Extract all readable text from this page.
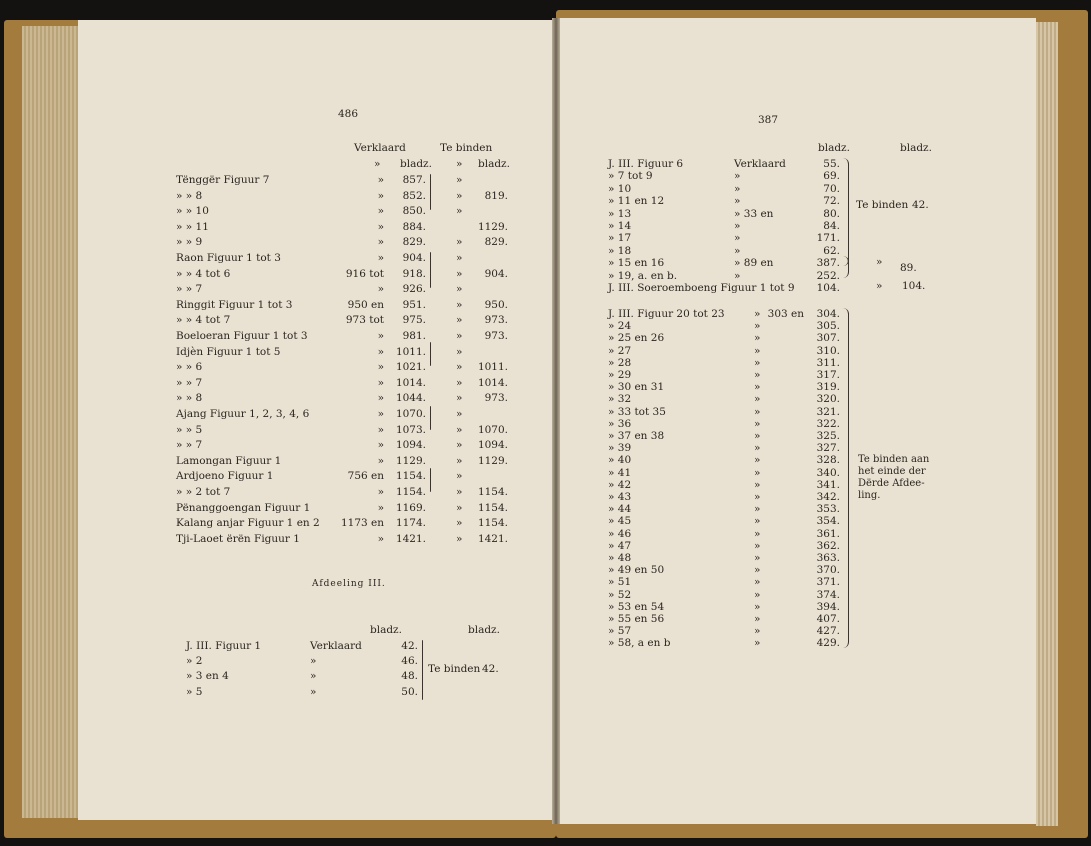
486
Verklaard	Te binden
» bladz. » bladz.
Tënggër Figuur 7	»	857.	»
» » 8	»	852.	»	819.
» » 10	»	850.	»
» » 11	»	884.	1129.
» » 9	»	829.	»	829.
Raon Figuur 1 tot 3	»	904.	»
» » 4 tot 6	916 tot	918.	»	904.
» » 7	»	926.	»
Ringgit Figuur 1 tot 3	950 en	951.	»	950.
» » 4 tot 7	973 tot	975.	»	973.
Boeloeran Figuur 1 tot 3	»	981.	»	973.
Idjèn Figuur 1 tot 5	»	1011.	»
» » 6	»	1021.	»	1011.
» » 7	»	1014.	»	1014.
» » 8	»	1044.	»	973.
Ajang Figuur 1, 2, 3, 4, 6	»	1070.	»
» » 5	»	1073.	»	1070.
» » 7	»	1094.	»	1094.
Lamongan Figuur 1	»	1129.	»	1129.
Ardjoeno Figuur 1	756 en	1154.	»
» » 2 tot 7	»	1154.	»	1154.
Pënanggoengan Figuur 1	»	1169.	»	1154.
Kalang anjar Figuur 1 en 2	1173 en	1174.	»	1154.
Tji-Laoet ërën Figuur 1	»	1421.	»	1421.
Afdeeling III.
bladz.	bladz.
J. III. Figuur 1	Verklaard	42.
» 2	»	46.
» 3 en 4	»	48.
» 5	»	50.
Te binden 42.
387
bladz.	bladz.
J. III. Figuur 6	Verklaard	55.
» 7 tot 9	»	69.
» 10	»	70.
» 11 en 12	»	72.
» 13	» 33 en	80.
» 14	»	84.
» 17	»	171.
» 18	»	62.
» 15 en 16	» 89 en	387.
» 19, a. en b.	»	252.
J. III. Soeroemboeng Figuur 1 tot 9	104.
Te binden 42.
» 89.
» 104.
J. III. Figuur 20 tot 23	» 303 en	304.
» 24	»	305.
» 25 en 26	»	307.
» 27	»	310.
» 28	»	311.
» 29	»	317.
» 30 en 31	»	319.
» 32	»	320.
» 33 tot 35	»	321.
» 36	»	322.
» 37 en 38	»	325.
» 39	»	327.
» 40	»	328.
» 41	»	340.
» 42	»	341.
» 43	»	342.
» 44	»	353.
» 45	»	354.
» 46	»	361.
» 47	»	362.
» 48	»	363.
» 49 en 50	»	370.
» 51	»	371.
» 52	»	374.
» 53 en 54	»	394.
» 55 en 56	»	407.
» 57	»	427.
» 58, a en b	»	429.
Te binden aan
het einde der
Dërde Afdee-
ling.
